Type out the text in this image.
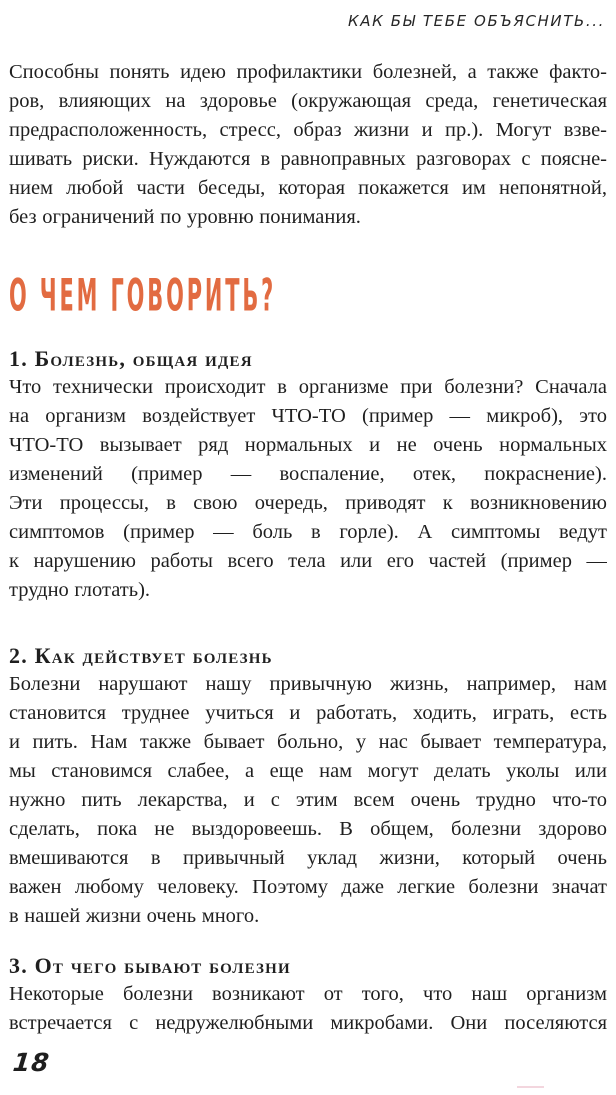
КАК БЫ ТЕБЕ ОБЪЯСНИТЬ...
Способны понять идею профилактики болезней, а также факто-
ров, влияющих на здоровье (окружающая среда, генетическая
предрасположенность, стресс, образ жизни и пр.). Могут взве-
шивать риски. Нуждаются в равноправных разговорах с поясне-
нием любой части беседы, которая покажется им непонятной,
без ограничений по уровню понимания.
О ЧЕМ ГОВОРИТЬ?
1. Болезнь, общая идея
Что технически происходит в организме при болезни? Сначала
на организм воздействует ЧТО-ТО (пример — микроб), это
ЧТО-ТО вызывает ряд нормальных и не очень нормальных
изменений (пример — воспаление, отек, покраснение).
Эти процессы, в свою очередь, приводят к возникновению
симптомов (пример — боль в горле). А симптомы ведут
к нарушению работы всего тела или его частей (пример —
трудно глотать).
2. Как действует болезнь
Болезни нарушают нашу привычную жизнь, например, нам
становится труднее учиться и работать, ходить, играть, есть
и пить. Нам также бывает больно, у нас бывает температура,
мы становимся слабее, а еще нам могут делать уколы или
нужно пить лекарства, и с этим всем очень трудно что-то
сделать, пока не выздоровеешь. В общем, болезни здорово
вмешиваются в привычный уклад жизни, который очень
важен любому человеку. Поэтому даже легкие болезни значат
в нашей жизни очень много.
3. От чего бывают болезни
Некоторые болезни возникают от того, что наш организм
встречается с недружелюбными микробами. Они поселяются
18
